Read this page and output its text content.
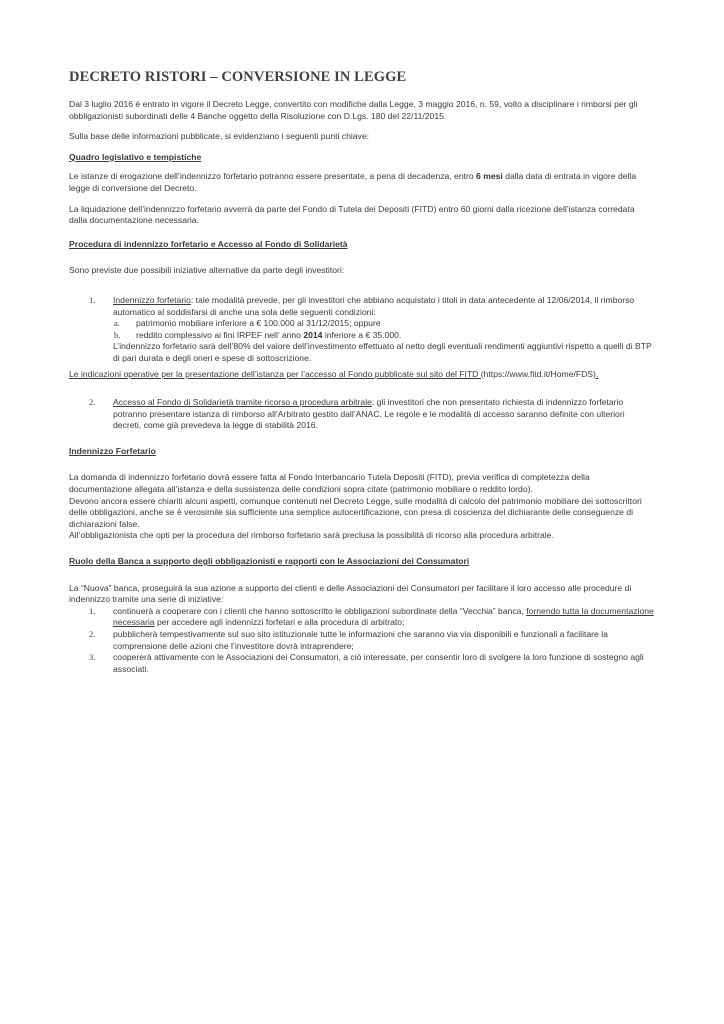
DECRETO RISTORI – CONVERSIONE IN LEGGE

Dal 3 luglio 2016 è entrato in vigore il Decreto Legge, convertito con modifiche dalla Legge, 3 maggio 2016, n. 59, volto a disciplinare i rimborsi per gli obbligazionisti subordinati delle 4 Banche oggetto della Risoluzione con D.Lgs. 180 del 22/11/2015.

Sulla base delle informazioni pubblicate, si evidenziano i seguenti punti chiave:

Quadro legislativo e tempistiche

Le istanze di erogazione dell’indennizzo forfetario potranno essere presentate, a pena di decadenza, entro 6 mesi dalla data di entrata in vigore della legge di conversione del Decreto.

La liquidazione dell’indennizzo forfetario avverrà da parte del Fondo di Tutela dei Depositi (FITD) entro 60 giorni dalla ricezione dell’istanza corredata dalla documentazione necessaria.

Procedura di indennizzo forfetario e Accesso al Fondo di Solidarietà

Sono previste due possibili iniziative alternative da parte degli investitori:

1.	Indennizzo forfetario: tale modalità prevede, per gli investitori che abbiano acquistato i titoli in data antecedente al 12/06/2014, il rimborso automatico al soddisfarsi di anche una sola delle seguenti condizioni:
a.	patrimonio mobiliare inferiore a € 100.000 al 31/12/2015; oppure
b.	reddito complessivo ai fini IRPEF nell’ anno 2014 inferiore a € 35.000.
L’indennizzo forfetario sarà dell’80% del valore dell’investimento effettuato al netto degli eventuali rendimenti aggiuntivi rispetto a quelli di BTP di pari durata e degli oneri e spese di sottoscrizione.

Le indicazioni operative per la presentazione dell’istanza per l’accesso al Fondo pubblicate sul sito del FITD (https://www.fitd.it/Home/FDS).

2.	Accesso al Fondo di Solidarietà tramite ricorso a procedura arbitrale: gli investitori che non presentato richiesta di indennizzo forfetario potranno presentare istanza di rimborso all’Arbitrato gestito dall’ANAC. Le regole e le modalità di accesso saranno definite con ulteriori decreti, come già prevedeva la legge di stabilità 2016.

Indennizzo Forfetario

La domanda di indennizzo forfetario dovrà essere fatta al Fondo Interbancario Tutela Depositi (FITD), previa verifica di completezza della documentazione allegata all’istanza e della sussistenza delle condizioni sopra citate (patrimonio mobiliare o reddito lordo).

Devono ancora essere chiariti alcuni aspetti, comunque contenuti nel Decreto Legge, sulle modalità di calcolo del patrimonio mobiliare dei sottoscrittori delle obbligazioni, anche se è verosimile sia sufficiente una semplice autocertificazione, con presa di coscienza del dichiarante delle conseguenze di dichiarazioni false.

All’obbligazionista che opti per la procedura del rimborso forfetario sarà preclusa la possibilità di ricorso alla procedura arbitrale.

Ruolo della Banca a supporto degli obbligazionisti e rapporti con le Associazioni dei Consumatori

La “Nuova” banca, proseguirà la sua azione a supporto dei clienti e delle Associazioni dei Consumatori per facilitare il loro accesso alle procedure di indennizzo tramite una serie di iniziative:

1.	continuerà a cooperare con i clienti che hanno sottoscritto le obbligazioni subordinate della “Vecchia” banca, fornendo tutta la documentazione necessaria per accedere agli indennizzi forfetari e alla procedura di arbitrato;
2.	pubblicherà tempestivamente sul suo sito istituzionale tutte le informazioni che saranno via via disponibili e funzionali a facilitare la comprensione delle azioni che l’investitore dovrà intraprendere;
3.	coopererà attivamente con le Associazioni dei Consumatori, a ciò interessate, per consentir loro di svolgere la loro funzione di sostegno agli associati.
